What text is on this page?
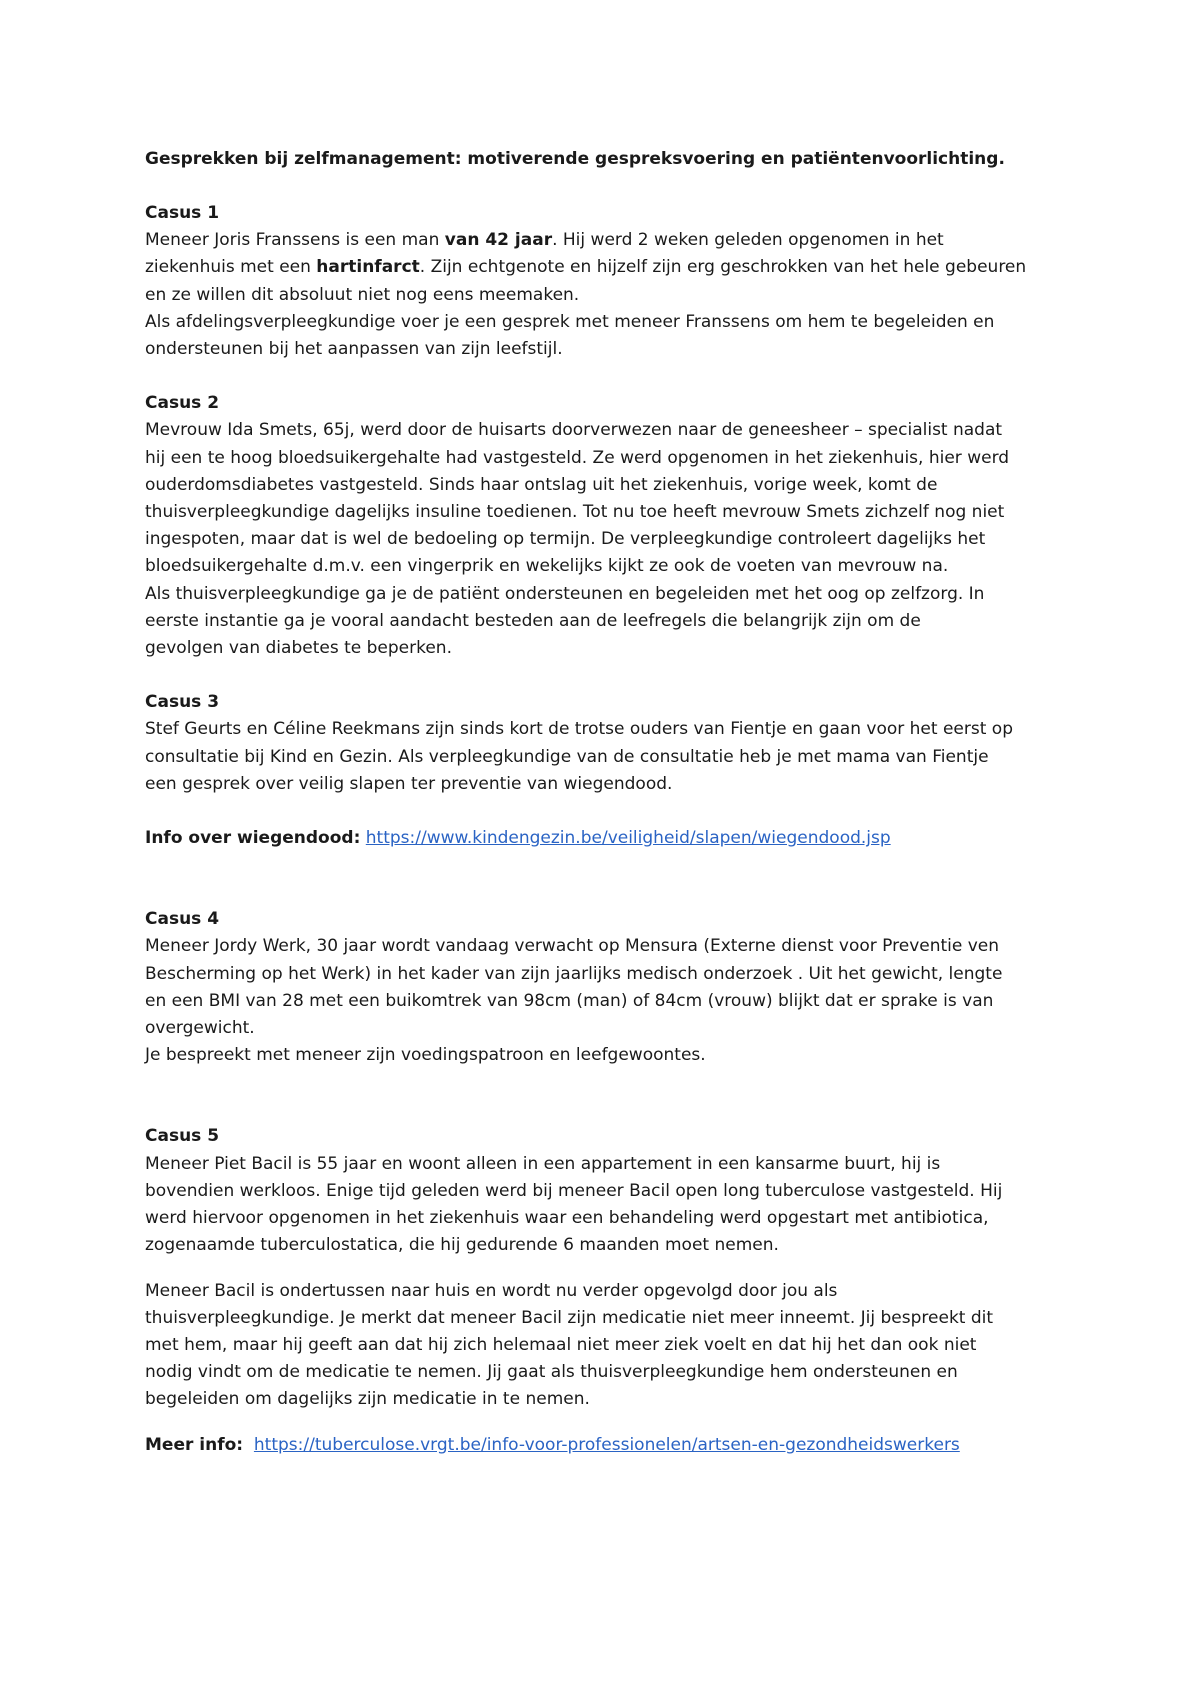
Gesprekken bij zelfmanagement: motiverende gespreksvoering en patiëntenvoorlichting.

Casus 1

Meneer Joris Franssens is een man van 42 jaar. Hij werd 2 weken geleden opgenomen in het

ziekenhuis met een hartinfarct. Zijn echtgenote en hijzelf zijn erg geschrokken van het hele gebeuren

en ze willen dit absoluut niet nog eens meemaken.

Als afdelingsverpleegkundige voer je een gesprek met meneer Franssens om hem te begeleiden en

ondersteunen bij het aanpassen van zijn leefstijl.

Casus 2

Mevrouw Ida Smets, 65j, werd door de huisarts doorverwezen naar de geneesheer – specialist nadat

hij een te hoog bloedsuikergehalte had vastgesteld. Ze werd opgenomen in het ziekenhuis, hier werd

ouderdomsdiabetes vastgesteld. Sinds haar ontslag uit het ziekenhuis, vorige week, komt de

thuisverpleegkundige dagelijks insuline toedienen. Tot nu toe heeft mevrouw Smets zichzelf nog niet

ingespoten, maar dat is wel de bedoeling op termijn. De verpleegkundige controleert dagelijks het

bloedsuikergehalte d.m.v. een vingerprik en wekelijks kijkt ze ook de voeten van mevrouw na.

Als thuisverpleegkundige ga je de patiënt ondersteunen en begeleiden met het oog op zelfzorg. In

eerste instantie ga je vooral aandacht besteden aan de leefregels die belangrijk zijn om de

gevolgen van diabetes te beperken.

Casus 3

Stef Geurts en Céline Reekmans zijn sinds kort de trotse ouders van Fientje en gaan voor het eerst op

consultatie bij Kind en Gezin. Als verpleegkundige van de consultatie heb je met mama van Fientje

een gesprek over veilig slapen ter preventie van wiegendood.

Info over wiegendood: https://www.kindengezin.be/veiligheid/slapen/wiegendood.jsp

Casus 4

Meneer Jordy Werk, 30 jaar wordt vandaag verwacht op Mensura (Externe dienst voor Preventie ven

Bescherming op het Werk) in het kader van zijn jaarlijks medisch onderzoek . Uit het gewicht, lengte

en een BMI van 28 met een buikomtrek van 98cm (man) of 84cm (vrouw) blijkt dat er sprake is van

overgewicht.

Je bespreekt met meneer zijn voedingspatroon en leefgewoontes.

Casus 5

Meneer Piet Bacil is 55 jaar en woont alleen in een appartement in een kansarme buurt, hij is

bovendien werkloos. Enige tijd geleden werd bij meneer Bacil open long tuberculose vastgesteld. Hij

werd hiervoor opgenomen in het ziekenhuis waar een behandeling werd opgestart met antibiotica,

zogenaamde tuberculostatica, die hij gedurende 6 maanden moet nemen.

Meneer Bacil is ondertussen naar huis en wordt nu verder opgevolgd door jou als

thuisverpleegkundige. Je merkt dat meneer Bacil zijn medicatie niet meer inneemt. Jij bespreekt dit

met hem, maar hij geeft aan dat hij zich helemaal niet meer ziek voelt en dat hij het dan ook niet

nodig vindt om de medicatie te nemen. Jij gaat als thuisverpleegkundige hem ondersteunen en

begeleiden om dagelijks zijn medicatie in te nemen.

Meer info: https://tuberculose.vrgt.be/info-voor-professionelen/artsen-en-gezondheidswerkers
